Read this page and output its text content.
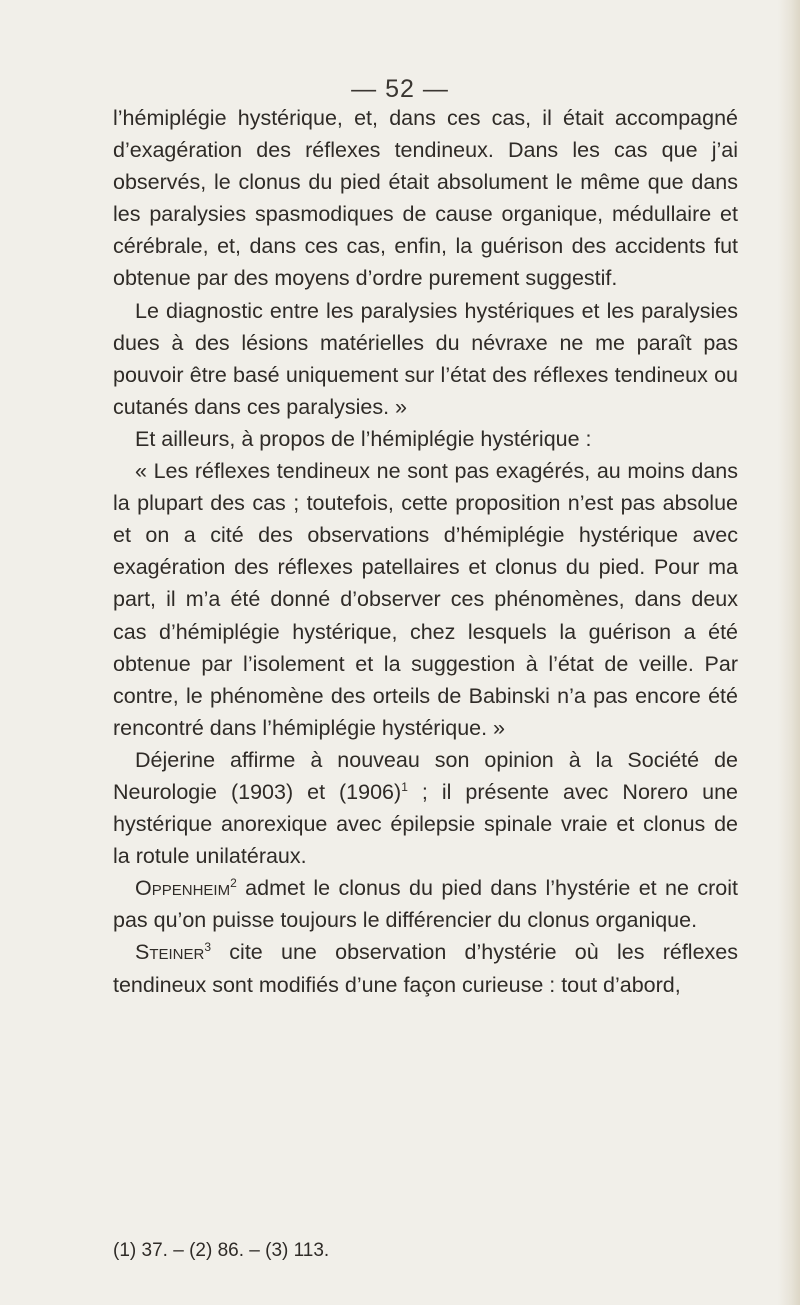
— 52 —

l’hémiplégie hystérique, et, dans ces cas, il était accompagné d’exagération des réflexes tendineux. Dans les cas que j’ai observés, le clonus du pied était absolument le même que dans les paralysies spasmodiques de cause organique, médullaire et cérébrale, et, dans ces cas, enfin, la guérison des accidents fut obtenue par des moyens d’ordre purement suggestif.

Le diagnostic entre les paralysies hystériques et les paralysies dues à des lésions matérielles du névraxe ne me paraît pas pouvoir être basé uniquement sur l’état des réflexes tendineux ou cutanés dans ces paralysies. »

Et ailleurs, à propos de l’hémiplégie hystérique :

« Les réflexes tendineux ne sont pas exagérés, au moins dans la plupart des cas ; toutefois, cette proposition n’est pas absolue et on a cité des observations d’hémiplégie hystérique avec exagération des réflexes patellaires et clonus du pied. Pour ma part, il m’a été donné d’observer ces phénomènes, dans deux cas d’hémiplégie hystérique, chez lesquels la guérison a été obtenue par l’isolement et la suggestion à l’état de veille. Par contre, le phénomène des orteils de Babinski n’a pas encore été rencontré dans l’hémiplégie hystérique. »

Déjerine affirme à nouveau son opinion à la Société de Neurologie (1903) et $(1906)^1$ ; il présente avec Norero une hystérique anorexique avec épilepsie spinale vraie et clonus de la rotule unilatéraux.

Oppenheim$^2$ admet le clonus du pied dans l’hystérie et ne croit pas qu’on puisse toujours le différencier du clonus organique.

Steiner$^3$ cite une observation d’hystérie où les réflexes tendineux sont modifiés d’une façon curieuse : tout d’abord,

(1) 37. – (2) 86. – (3) 113.
